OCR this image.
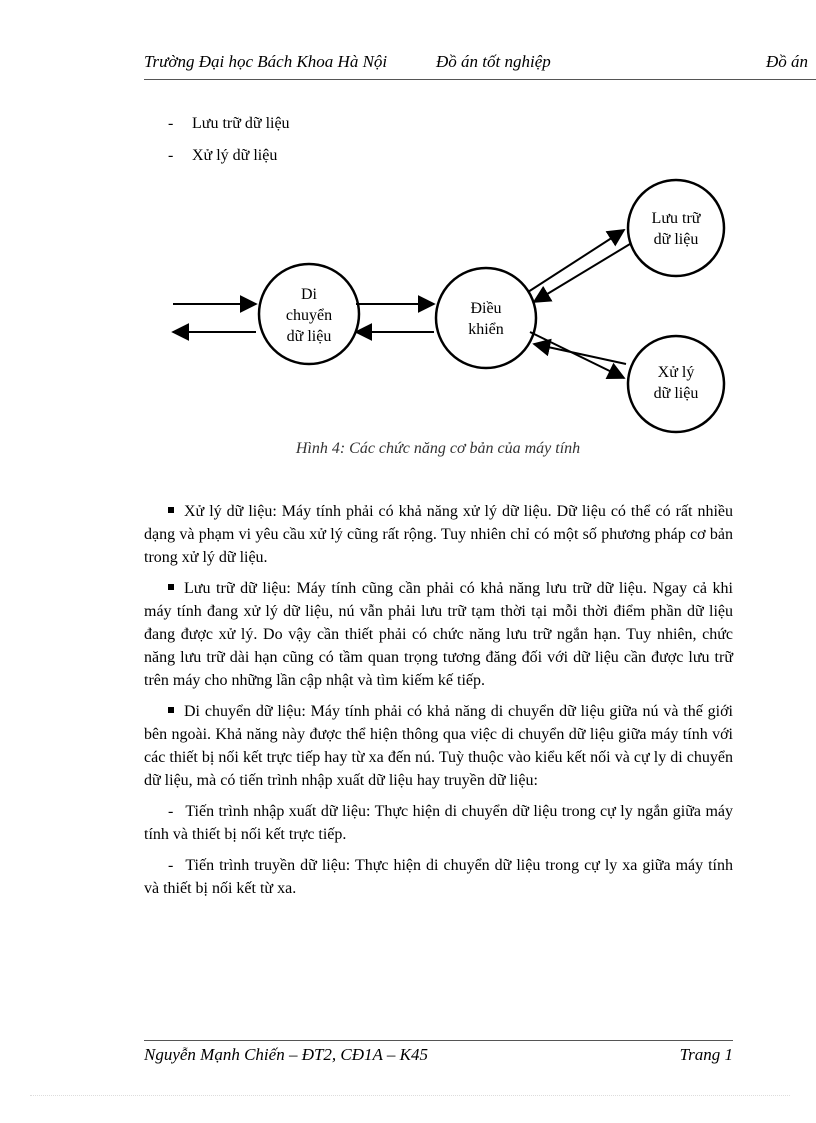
Trường Đại học Bách Khoa Hà Nội	Đồ án tốt nghiệp	Đồ án
- Lưu trữ dữ liệu
- Xử lý dữ liệu
Di
chuyển
dữ liệu
Điều
khiển
Lưu trữ
dữ liệu
Xử lý
dữ liệu
Hình 4: Các chức năng cơ bản của máy tính

Xử lý dữ liệu: Máy tính phải có khả năng xử lý dữ liệu. Dữ liệu có thể có rất nhiều dạng và phạm vi yêu cầu xử lý cũng rất rộng. Tuy nhiên chỉ có một số phương pháp cơ bản trong xử lý dữ liệu.

Lưu trữ dữ liệu: Máy tính cũng cần phải có khả năng lưu trữ dữ liệu. Ngay cả khi máy tính đang xử lý dữ liệu, nú vẫn phải lưu trữ tạm thời tại mỗi thời điểm phần dữ liệu đang được xử lý. Do vậy cần thiết phải có chức năng lưu trữ ngắn hạn. Tuy nhiên, chức năng lưu trữ dài hạn cũng có tầm quan trọng tương đăng đối với dữ liệu cần được lưu trữ trên máy cho những lần cập nhật và tìm kiếm kế tiếp.

Di chuyển dữ liệu: Máy tính phải có khả năng di chuyển dữ liệu giữa nú và thế giới bên ngoài. Khả năng này được thể hiện thông qua việc di chuyển dữ liệu giữa máy tính với các thiết bị nối kết trực tiếp hay từ xa đến nú. Tuỳ thuộc vào kiểu kết nối và cự ly di chuyển dữ liệu, mà có tiến trình nhập xuất dữ liệu hay truyền dữ liệu:

- Tiến trình nhập xuất dữ liệu: Thực hiện di chuyển dữ liệu trong cự ly ngắn giữa máy tính và thiết bị nối kết trực tiếp.

- Tiến trình truyền dữ liệu: Thực hiện di chuyển dữ liệu trong cự ly xa giữa máy tính và thiết bị nối kết từ xa.

Nguyễn Mạnh Chiến – ĐT2, CĐ1A – K45	Trang 1
